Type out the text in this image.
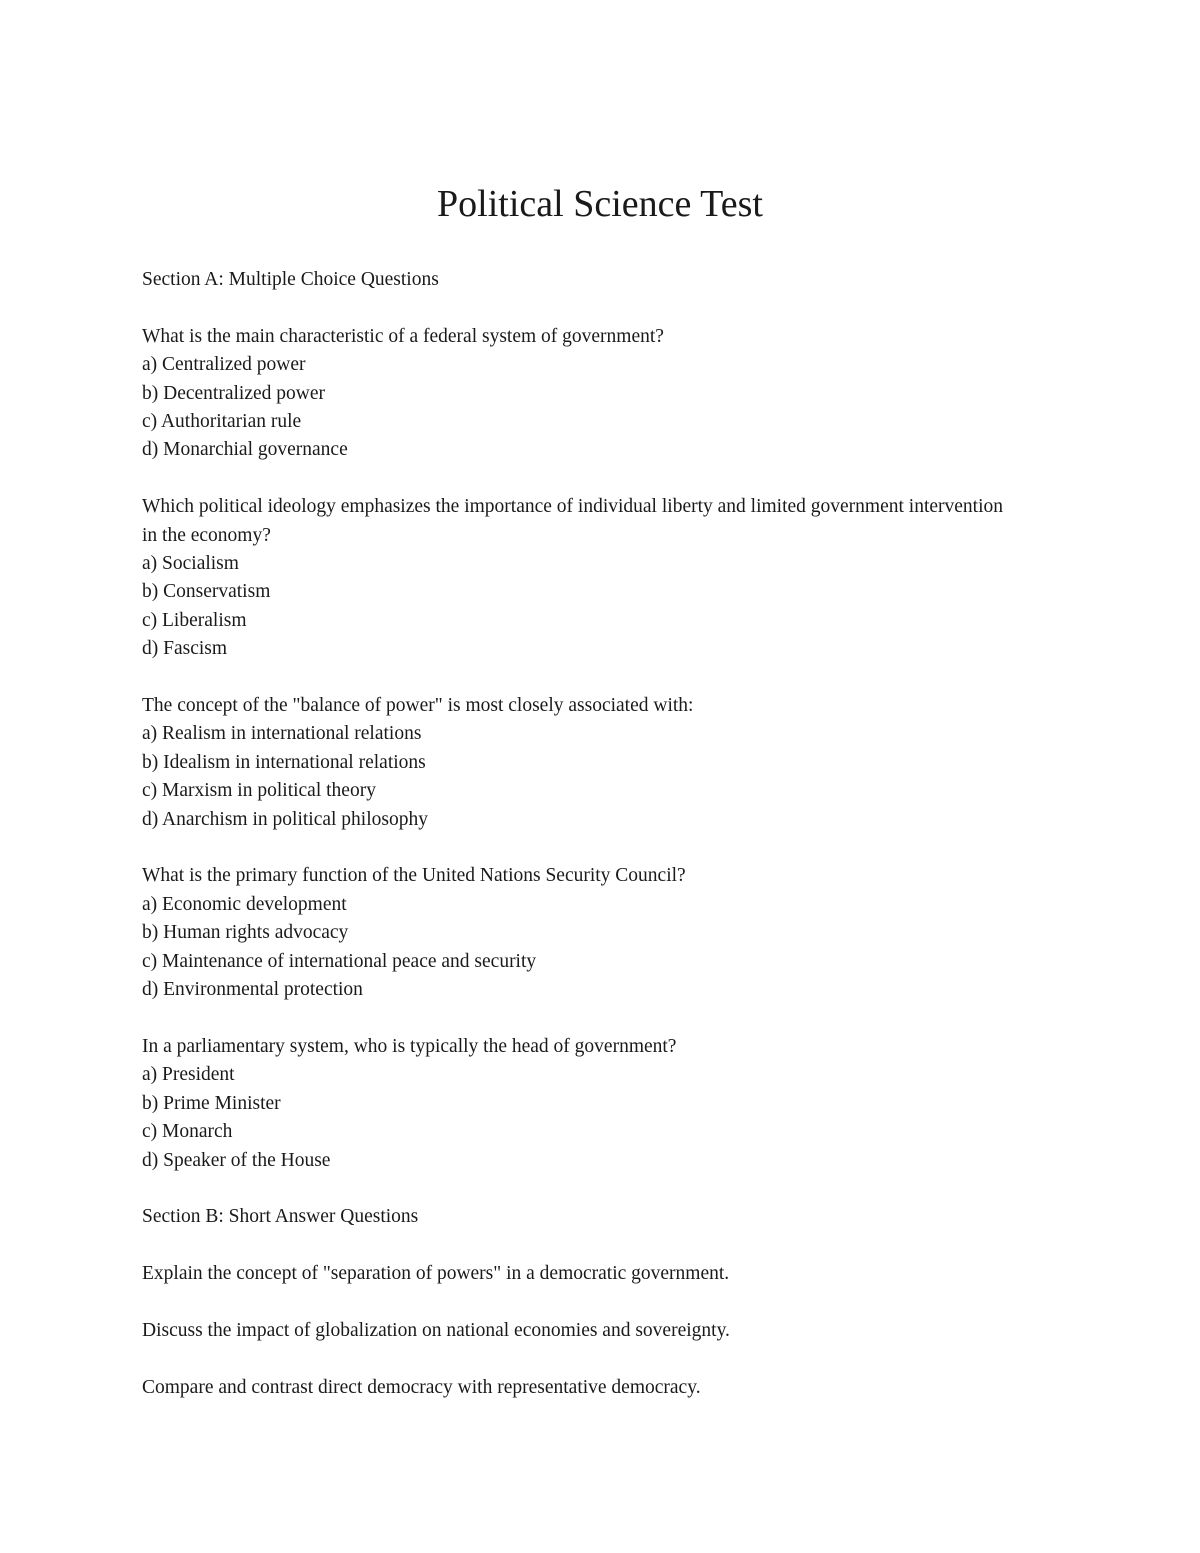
Political Science Test

Section A: Multiple Choice Questions

What is the main characteristic of a federal system of government?

a) Centralized power

b) Decentralized power

c) Authoritarian rule

d) Monarchial governance

Which political ideology emphasizes the importance of individual liberty and limited government intervention in the economy?

a) Socialism

b) Conservatism

c) Liberalism

d) Fascism

The concept of the "balance of power" is most closely associated with:

a) Realism in international relations

b) Idealism in international relations

c) Marxism in political theory

d) Anarchism in political philosophy

What is the primary function of the United Nations Security Council?

a) Economic development

b) Human rights advocacy

c) Maintenance of international peace and security

d) Environmental protection

In a parliamentary system, who is typically the head of government?

a) President

b) Prime Minister

c) Monarch

d) Speaker of the House

Section B: Short Answer Questions

Explain the concept of "separation of powers" in a democratic government.

Discuss the impact of globalization on national economies and sovereignty.

Compare and contrast direct democracy with representative democracy.
